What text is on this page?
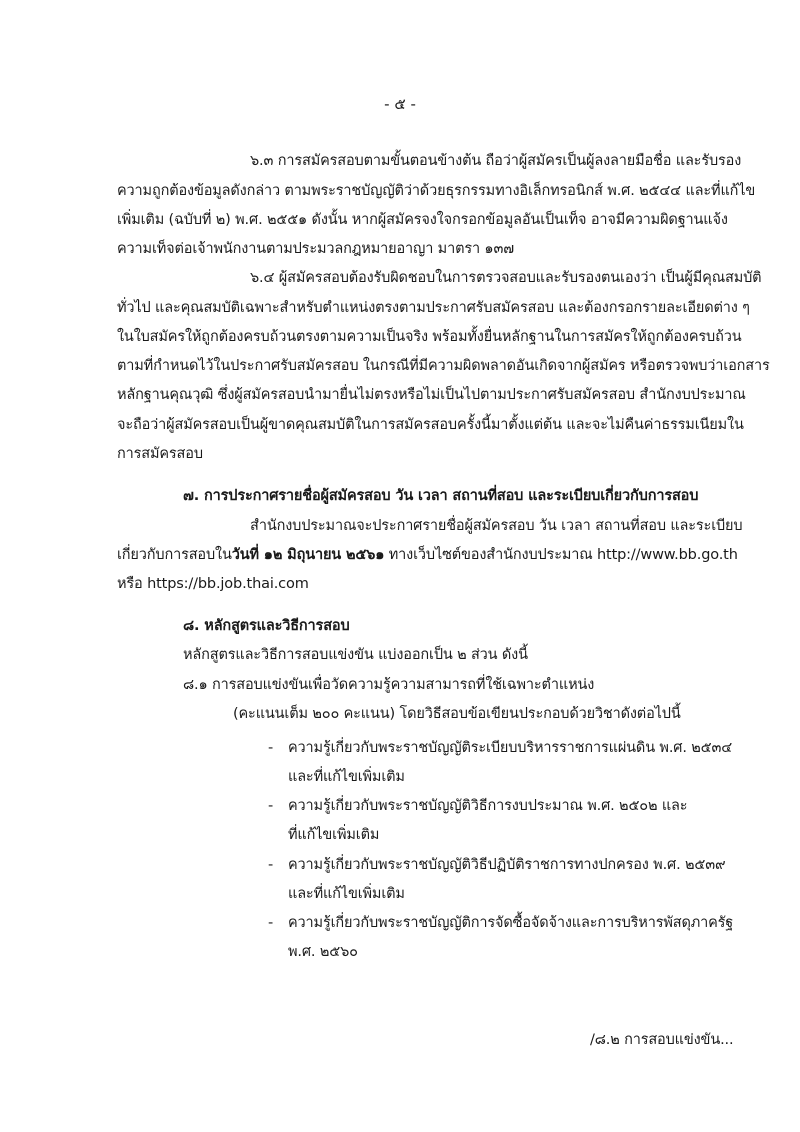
- ๕ -
๖.๓ การสมัครสอบตามขั้นตอนข้างต้น ถือว่าผู้สมัครเป็นผู้ลงลายมือชื่อ และรับรอง
ความถูกต้องข้อมูลดังกล่าว ตามพระราชบัญญัติว่าด้วยธุรกรรมทางอิเล็กทรอนิกส์ พ.ศ. ๒๕๔๔ และที่แก้ไข
เพิ่มเติม (ฉบับที่ ๒) พ.ศ. ๒๕๕๑ ดังนั้น หากผู้สมัครจงใจกรอกข้อมูลอันเป็นเท็จ อาจมีความผิดฐานแจ้ง
ความเท็จต่อเจ้าพนักงานตามประมวลกฎหมายอาญา มาตรา ๑๓๗
๖.๔ ผู้สมัครสอบต้องรับผิดชอบในการตรวจสอบและรับรองตนเองว่า เป็นผู้มีคุณสมบัติ
ทั่วไป และคุณสมบัติเฉพาะสำหรับตำแหน่งตรงตามประกาศรับสมัครสอบ และต้องกรอกรายละเอียดต่าง ๆ
ในใบสมัครให้ถูกต้องครบถ้วนตรงตามความเป็นจริง พร้อมทั้งยื่นหลักฐานในการสมัครให้ถูกต้องครบถ้วน
ตามที่กำหนดไว้ในประกาศรับสมัครสอบ ในกรณีที่มีความผิดพลาดอันเกิดจากผู้สมัคร หรือตรวจพบว่าเอกสาร
หลักฐานคุณวุฒิ ซึ่งผู้สมัครสอบนำมายื่นไม่ตรงหรือไม่เป็นไปตามประกาศรับสมัครสอบ สำนักงบประมาณ
จะถือว่าผู้สมัครสอบเป็นผู้ขาดคุณสมบัติในการสมัครสอบครั้งนี้มาตั้งแต่ต้น และจะไม่คืนค่าธรรมเนียมใน
การสมัครสอบ
๗. การประกาศรายชื่อผู้สมัครสอบ วัน เวลา สถานที่สอบ และระเบียบเกี่ยวกับการสอบ
สำนักงบประมาณจะประกาศรายชื่อผู้สมัครสอบ วัน เวลา สถานที่สอบ และระเบียบ
เกี่ยวกับการสอบในวันที่ ๑๒ มิถุนายน ๒๕๖๑ ทางเว็บไซต์ของสำนักงบประมาณ http://www.bb.go.th
หรือ https://bb.job.thai.com
๘. หลักสูตรและวิธีการสอบ
หลักสูตรและวิธีการสอบแข่งขัน แบ่งออกเป็น ๒ ส่วน ดังนี้
๘.๑ การสอบแข่งขันเพื่อวัดความรู้ความสามารถที่ใช้เฉพาะตำแหน่ง
(คะแนนเต็ม ๒๐๐ คะแนน) โดยวิธีสอบข้อเขียนประกอบด้วยวิชาดังต่อไปนี้
- ความรู้เกี่ยวกับพระราชบัญญัติระเบียบบริหารราชการแผ่นดิน พ.ศ. ๒๕๓๔
และที่แก้ไขเพิ่มเติม
- ความรู้เกี่ยวกับพระราชบัญญัติวิธีการงบประมาณ พ.ศ. ๒๕๐๒ และ
ที่แก้ไขเพิ่มเติม
- ความรู้เกี่ยวกับพระราชบัญญัติวิธีปฏิบัติราชการทางปกครอง พ.ศ. ๒๕๓๙
และที่แก้ไขเพิ่มเติม
- ความรู้เกี่ยวกับพระราชบัญญัติการจัดซื้อจัดจ้างและการบริหารพัสดุภาครัฐ
พ.ศ. ๒๕๖๐
/๘.๒ การสอบแข่งขัน...
